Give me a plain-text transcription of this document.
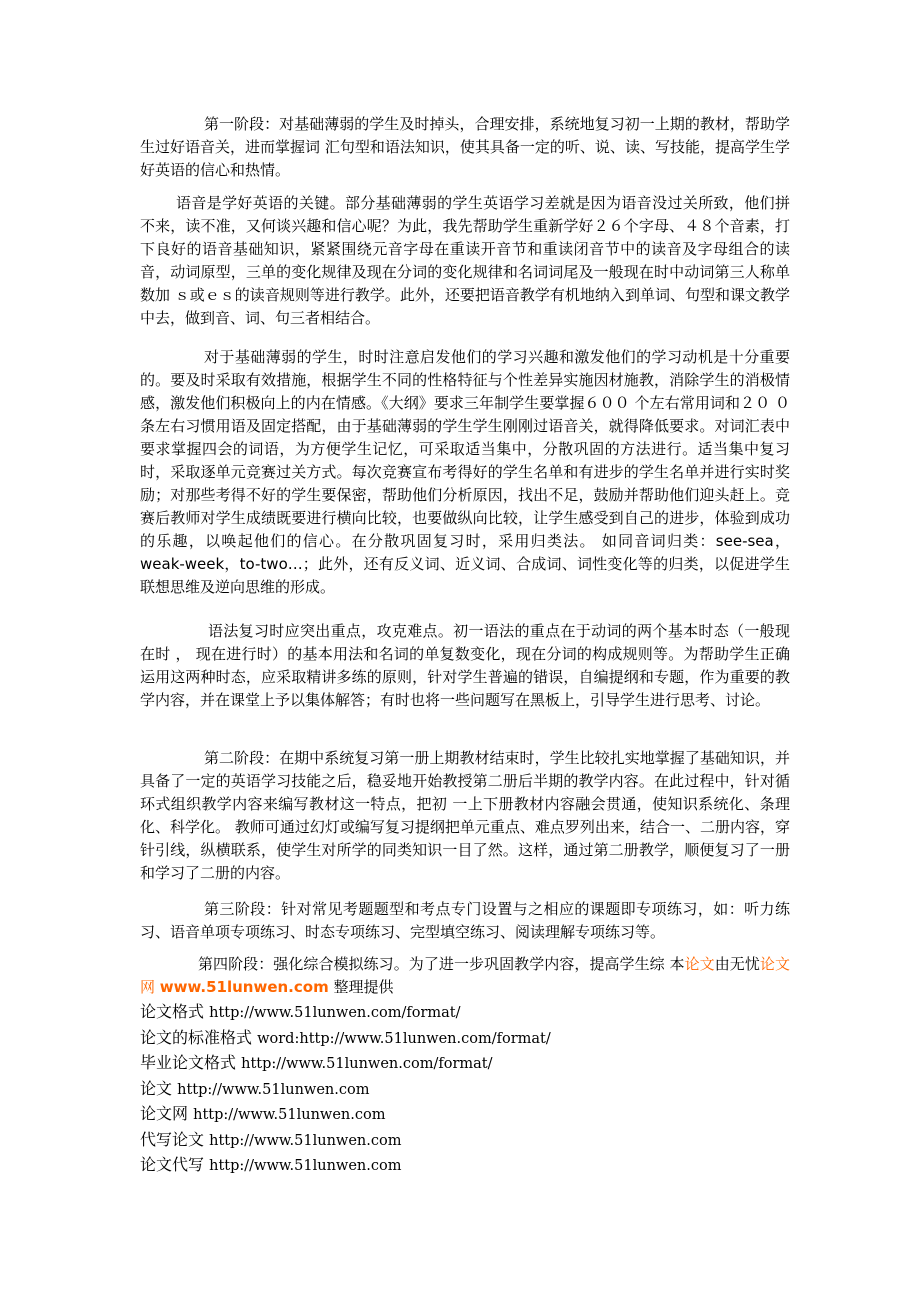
第一阶段：对基础薄弱的学生及时掉头，合理安排，系统地复习初一上期的教材，帮助学生过好语音关，进而掌握词 汇句型和语法知识，使其具备一定的听、说、读、写技能，提高学生学好英语的信心和热情。

语音是学好英语的关键。部分基础薄弱的学生英语学习差就是因为语音没过关所致，他们拼不来，读不准，又何谈兴趣和信心呢？为此，我先帮助学生重新学好２６个字母、４８个音素，打下良好的语音基础知识，紧紧围绕元音字母在重读开音节和重读闭音节中的读音及字母组合的读音，动词原型，三单的变化规律及现在分词的变化规律和名词词尾及一般现在时中动词第三人称单数加 ｓ或ｅｓ的读音规则等进行教学。此外，还要把语音教学有机地纳入到单词、句型和课文教学中去，做到音、词、句三者相结合。

对于基础薄弱的学生，时时注意启发他们的学习兴趣和激发他们的学习动机是十分重要的。要及时采取有效措施，根据学生不同的性格特征与个性差异实施因材施教，消除学生的消极情感，激发他们积极向上的内在情感。《大纲》要求三年制学生要掌握６００ 个左右常用词和２０ ０条左右习惯用语及固定搭配，由于基础薄弱的学生学生刚刚过语音关，就得降低要求。对词汇表中要求掌握四会的词语，为方便学生记忆，可采取适当集中，分散巩固的方法进行。适当集中复习时，采取逐单元竞赛过关方式。每次竞赛宣布考得好的学生名单和有进步的学生名单并进行实时奖励；对那些考得不好的学生要保密，帮助他们分析原因，找出不足，鼓励并帮助他们迎头赶上。竞赛后教师对学生成绩既要进行横向比较，也要做纵向比较，让学生感受到自己的进步，体验到成功的乐趣，以唤起他们的信心。在分散巩固复习时，采用归类法。 如同音词归类：see-sea， weak-week，to-two…；此外，还有反义词、近义词、合成词、词性变化等的归类，以促进学生联想思维及逆向思维的形成。

语法复习时应突出重点，攻克难点。初一语法的重点在于动词的两个基本时态（一般现在时 ， 现在进行时）的基本用法和名词的单复数变化，现在分词的构成规则等。为帮助学生正确运用这两种时态，应采取精讲多练的原则，针对学生普遍的错误，自编提纲和专题，作为重要的教学内容，并在课堂上予以集体解答；有时也将一些问题写在黑板上，引导学生进行思考、讨论。

第二阶段：在期中系统复习第一册上期教材结束时，学生比较扎实地掌握了基础知识，并具备了一定的英语学习技能之后，稳妥地开始教授第二册后半期的教学内容。在此过程中，针对循环式组织教学内容来编写教材这一特点，把初 一上下册教材内容融会贯通，使知识系统化、条理化、科学化。 教师可通过幻灯或编写复习提纲把单元重点、难点罗列出来，结合一、二册内容，穿针引线，纵横联系，使学生对所学的同类知识一目了然。这样，通过第二册教学，顺便复习了一册和学习了二册的内容。

第三阶段：针对常见考题题型和考点专门设置与之相应的课题即专项练习，如：听力练习、语音单项专项练习、时态专项练习、完型填空练习、阅读理解专项练习等。

第四阶段：强化综合模拟练习。为了进一步巩固教学内容，提高学生综 本论文由无忧论文网 www.51lunwen.com 整理提供

论文格式 http://www.51lunwen.com/format/
论文的标准格式 word:http://www.51lunwen.com/format/
毕业论文格式 http://www.51lunwen.com/format/
论文 http://www.51lunwen.com
论文网 http://www.51lunwen.com
代写论文 http://www.51lunwen.com
论文代写 http://www.51lunwen.com
